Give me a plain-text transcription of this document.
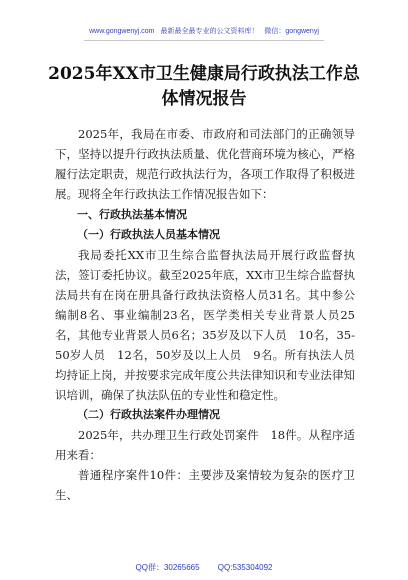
www.gongwenyj.com 最新最全最专业的公文资料库！ 微信：gongwenyj
2025年XX市卫生健康局行政执法工作总
体情况报告

2025年，我局在市委、市政府和司法部门的正确领导下，坚持以提升行政执法质量、优化营商环境为核心，严格履行法定职责，规范行政执法行为，各项工作取得了积极进展。现将全年行政执法工作情况报告如下：

一、行政执法基本情况

（一）行政执法人员基本情况

我局委托XX市卫生综合监督执法局开展行政监督执法，签订委托协议。截至2025年底，XX市卫生综合监督执法局共有在岗在册具备行政执法资格人员31名。其中参公编制8名、事业编制23名，医学类相关专业背景人员25名，其他专业背景人员6名；35岁及以下人员　10名，35-50岁人员　12名，50岁及以上人员　9名。所有执法人员均持证上岗，并按要求完成年度公共法律知识和专业法律知识培训，确保了执法队伍的专业性和稳定性。

（二）行政执法案件办理情况

2025年，共办理卫生行政处罚案件　18件。从程序适用来看：

普通程序案件10件：主要涉及案情较为复杂的医疗卫生、

QQ群：30265665 QQ:535304092
